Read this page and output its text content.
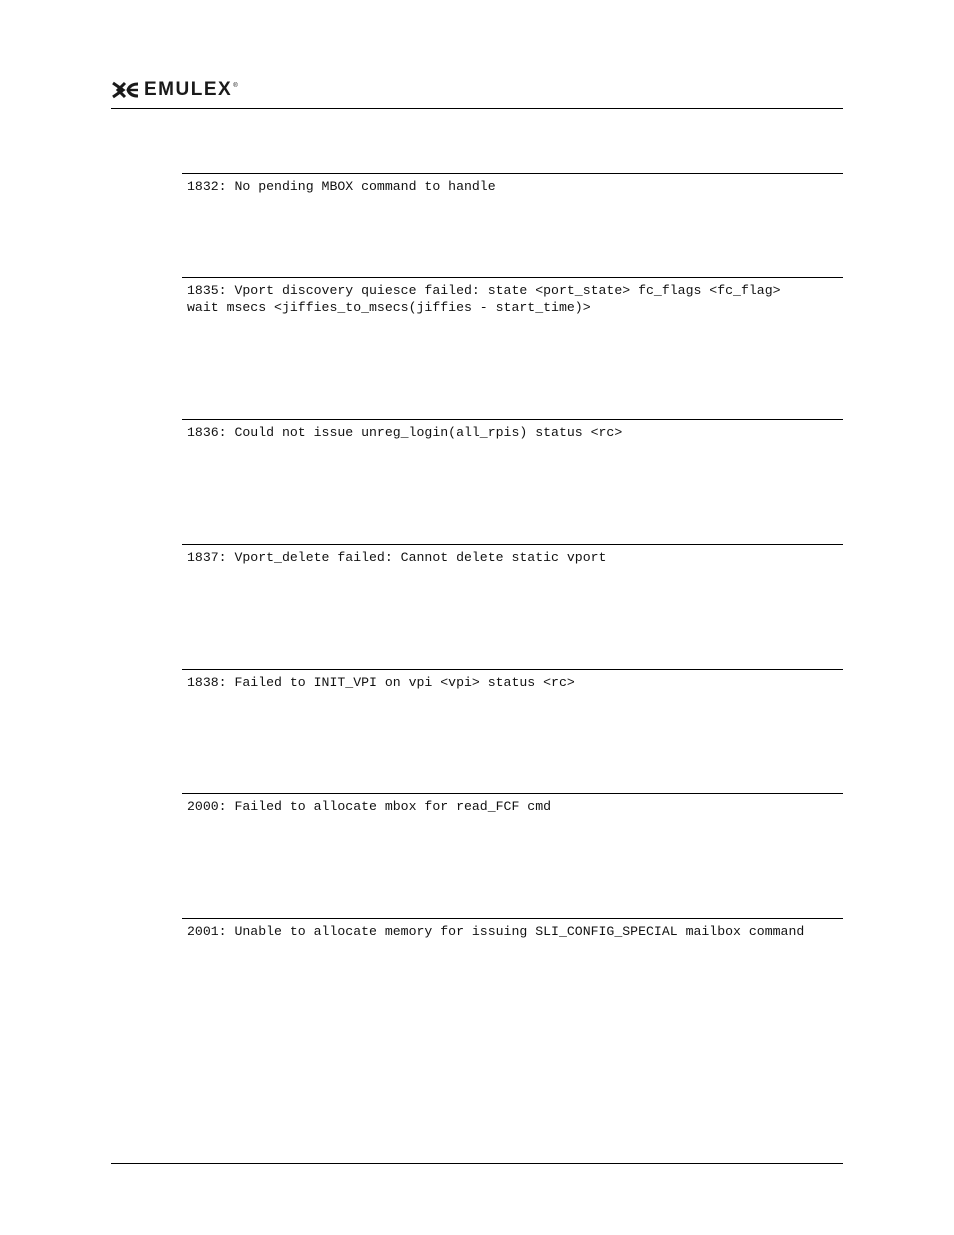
EMULEX ®
1832: No pending MBOX command to handle
1835: Vport discovery quiesce failed: state <port_state> fc_flags <fc_flag>
wait msecs <jiffies_to_msecs(jiffies - start_time)>
1836: Could not issue unreg_login(all_rpis) status <rc>
1837: Vport_delete failed: Cannot delete static vport
1838: Failed to INIT_VPI on vpi <vpi> status <rc>
2000: Failed to allocate mbox for read_FCF cmd
2001: Unable to allocate memory for issuing SLI_CONFIG_SPECIAL mailbox command
